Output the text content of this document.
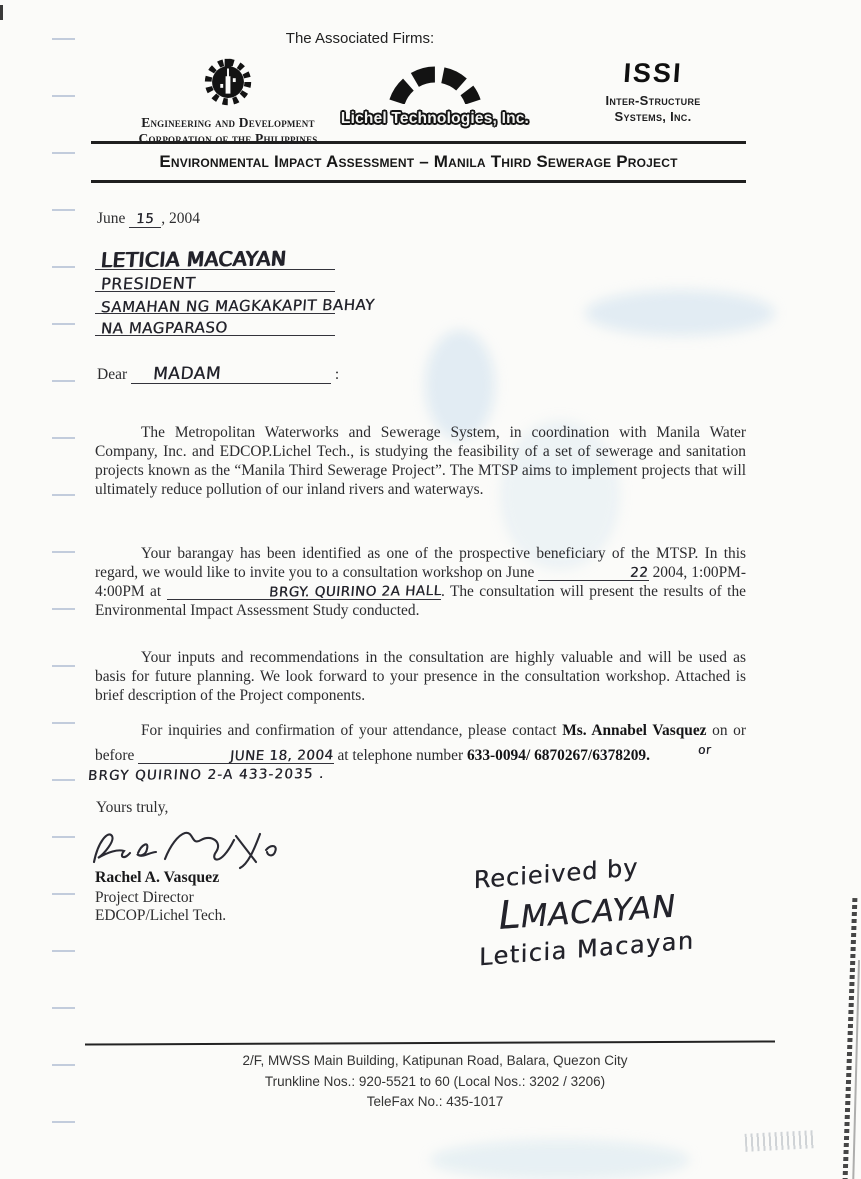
The Associated Firms:
Engineering and Development
Corporation of the Philippines
Lichel Technologies, Inc.
ISSI
Inter-Structure
Systems, Inc.
Environmental Impact Assessment – Manila Third Sewerage Project
June 15 , 2004
LETICIA MACAYAN
PRESIDENT
SAMAHAN NG MAGKAKAPIT BAHAY
NA MAGPARASO
Dear MADAM	:

The Metropolitan Waterworks and Sewerage System, in coordination with Manila Water Company, Inc. and EDCOP.Lichel Tech., is studying the feasibility of a set of sewerage and sanitation projects known as the “Manila Third Sewerage Project”. The MTSP aims to implement projects that will ultimately reduce pollution of our inland rivers and waterways.

Your barangay has been identified as one of the prospective beneficiary of the MTSP. In this regard, we would like to invite you to a consultation workshop on June	22 2004, 1:00PM-4:00PM at	BRGY. QUIRINO 2A HALL. The consultation will present the results of the Environmental Impact Assessment Study conducted.

Your inputs and recommendations in the consultation are highly valuable and will be used as basis for future planning. We look forward to your presence in the consultation workshop. Attached is brief description of the Project components.

For inquiries and confirmation of your attendance, please contact Ms. Annabel Vasquez on or before	JUNE 18, 2004 at telephone number 633-0094/ 6870267/6378209.	or

BRGY QUIRINO 2-A 433-2035 .
Yours truly,
Rachel A. Vasquez
Project Director
EDCOP/Lichel Tech.
Recieived by
LMACAYAN
Leticia Macayan
2/F, MWSS Main Building, Katipunan Road, Balara, Quezon City
Trunkline Nos.: 920-5521 to 60 (Local Nos.: 3202 / 3206)
TeleFax No.: 435-1017
